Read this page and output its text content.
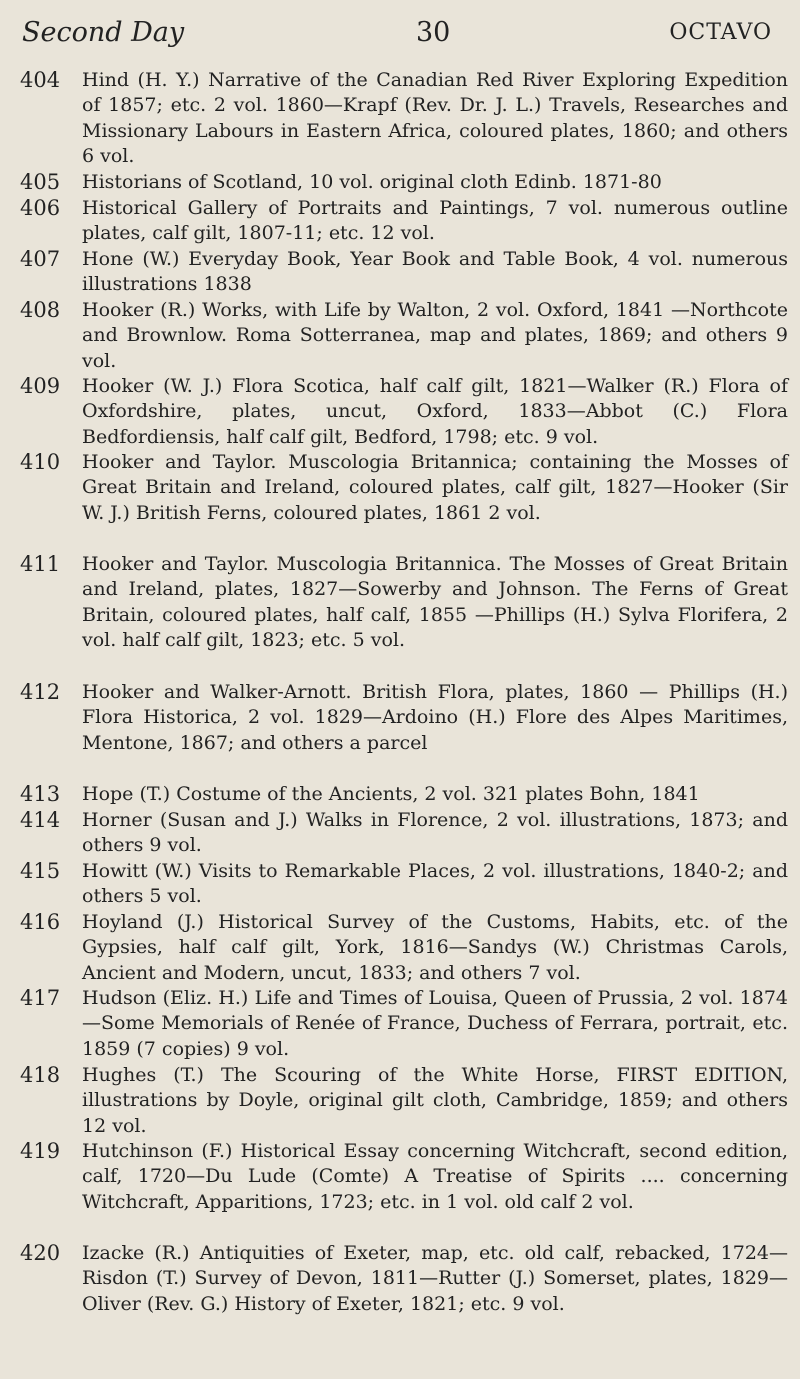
Second Day	30	OCTAVO
404	Hind (H. Y.) Narrative of the Canadian Red River Exploring Expedition of 1857; etc. 2 vol. 1860—Krapf (Rev. Dr. J. L.) Travels, Researches and Missionary Labours in Eastern Africa, coloured plates, 1860; and others 6 vol.
405	Historians of Scotland, 10 vol. original cloth Edinb. 1871-80
406	Historical Gallery of Portraits and Paintings, 7 vol. numerous outline plates, calf gilt, 1807-11; etc. 12 vol.
407	Hone (W.) Everyday Book, Year Book and Table Book, 4 vol. numerous illustrations 1838
408	Hooker (R.) Works, with Life by Walton, 2 vol. Oxford, 1841 —Northcote and Brownlow. Roma Sotterranea, map and plates, 1869; and others 9 vol.
409	Hooker (W. J.) Flora Scotica, half calf gilt, 1821—Walker (R.) Flora of Oxfordshire, plates, uncut, Oxford, 1833—Abbot (C.) Flora Bedfordiensis, half calf gilt, Bedford, 1798; etc. 9 vol.
410	Hooker and Taylor. Muscologia Britannica; containing the Mosses of Great Britain and Ireland, coloured plates, calf gilt, 1827—Hooker (Sir W. J.) British Ferns, coloured plates, 1861 2 vol.
411	Hooker and Taylor. Muscologia Britannica. The Mosses of Great Britain and Ireland, plates, 1827—Sowerby and Johnson. The Ferns of Great Britain, coloured plates, half calf, 1855 —Phillips (H.) Sylva Florifera, 2 vol. half calf gilt, 1823; etc. 5 vol.
412	Hooker and Walker-Arnott. British Flora, plates, 1860 — Phillips (H.) Flora Historica, 2 vol. 1829—Ardoino (H.) Flore des Alpes Maritimes, Mentone, 1867; and others a parcel
413	Hope (T.) Costume of the Ancients, 2 vol. 321 plates Bohn, 1841
414	Horner (Susan and J.) Walks in Florence, 2 vol. illustrations, 1873; and others 9 vol.
415	Howitt (W.) Visits to Remarkable Places, 2 vol. illustrations, 1840-2; and others 5 vol.
416	Hoyland (J.) Historical Survey of the Customs, Habits, etc. of the Gypsies, half calf gilt, York, 1816—Sandys (W.) Christmas Carols, Ancient and Modern, uncut, 1833; and others 7 vol.
417	Hudson (Eliz. H.) Life and Times of Louisa, Queen of Prussia, 2 vol. 1874—Some Memorials of Renée of France, Duchess of Ferrara, portrait, etc. 1859 (7 copies) 9 vol.
418	Hughes (T.) The Scouring of the White Horse, FIRST EDITION, illustrations by Doyle, original gilt cloth, Cambridge, 1859; and others 12 vol.
419	Hutchinson (F.) Historical Essay concerning Witchcraft, second edition, calf, 1720—Du Lude (Comte) A Treatise of Spirits .... concerning Witchcraft, Apparitions, 1723; etc. in 1 vol. old calf 2 vol.
420	Izacke (R.) Antiquities of Exeter, map, etc. old calf, rebacked, 1724—Risdon (T.) Survey of Devon, 1811—Rutter (J.) Somerset, plates, 1829—Oliver (Rev. G.) History of Exeter, 1821; etc. 9 vol.
